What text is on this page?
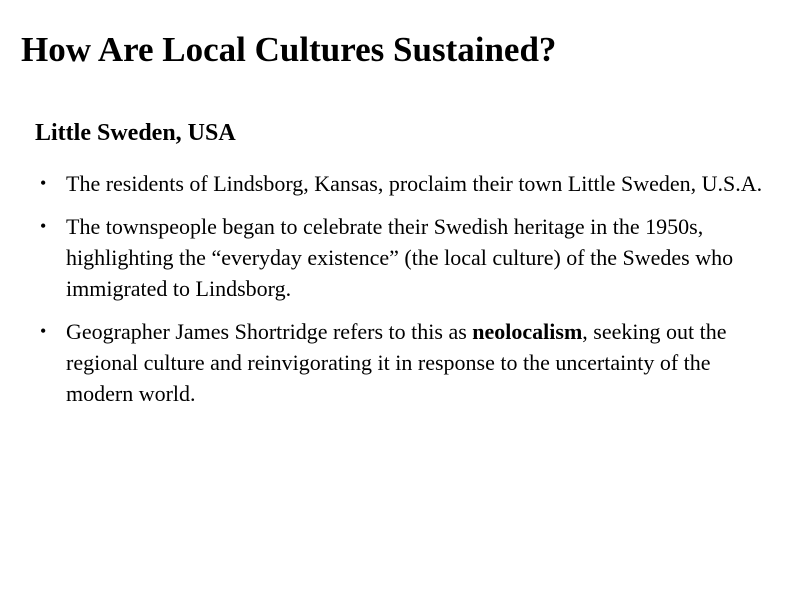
How Are Local Cultures Sustained?
Little Sweden, USA
• The residents of Lindsborg, Kansas, proclaim their town Little Sweden, U.S.A.
• The townspeople began to celebrate their Swedish heritage in the 1950s, highlighting the “everyday existence” (the local culture) of the Swedes who immigrated to Lindsborg.
• Geographer James Shortridge refers to this as neolocalism, seeking out the regional culture and reinvigorating it in response to the uncertainty of the modern world.
